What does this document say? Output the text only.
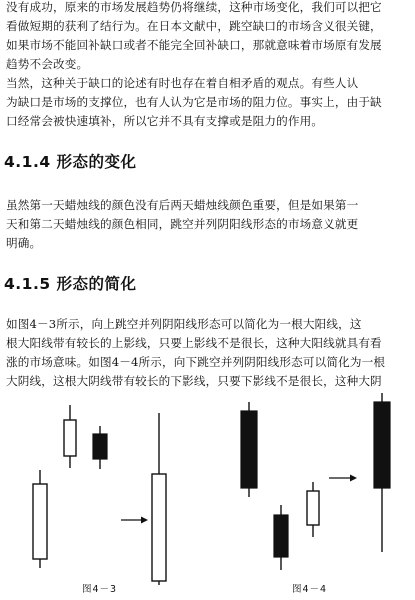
没有成功，原来的市场发展趋势仍将继续，这种市场变化，我们可以把它
看做短期的获利了结行为。在日本文献中，跳空缺口的市场含义很关键，
如果市场不能回补缺口或者不能完全回补缺口，那就意味着市场原有发展
趋势不会改变。

当然，这种关于缺口的论述有时也存在着自相矛盾的观点。有些人认
为缺口是市场的支撑位，也有人认为它是市场的阻力位。事实上，由于缺
口经常会被快速填补，所以它并不具有支撑或是阻力的作用。

4.1.4 形态的变化

虽然第一天蜡烛线的颜色没有后两天蜡烛线颜色重要，但是如果第一
天和第二天蜡烛线的颜色相同，跳空并列阴阳线形态的市场意义就更
明确。

4.1.5 形态的简化

如图4－3所示，向上跳空并列阴阳线形态可以简化为一根大阳线，这
根大阳线带有较长的上影线，只要上影线不是很长，这种大阳线就具有看
涨的市场意味。如图4－4所示，向下跳空并列阴阳线形态可以简化为一根
大阴线，这根大阴线带有较长的下影线，只要下影线不是很长，这种大阴

图4－3	图4－4
